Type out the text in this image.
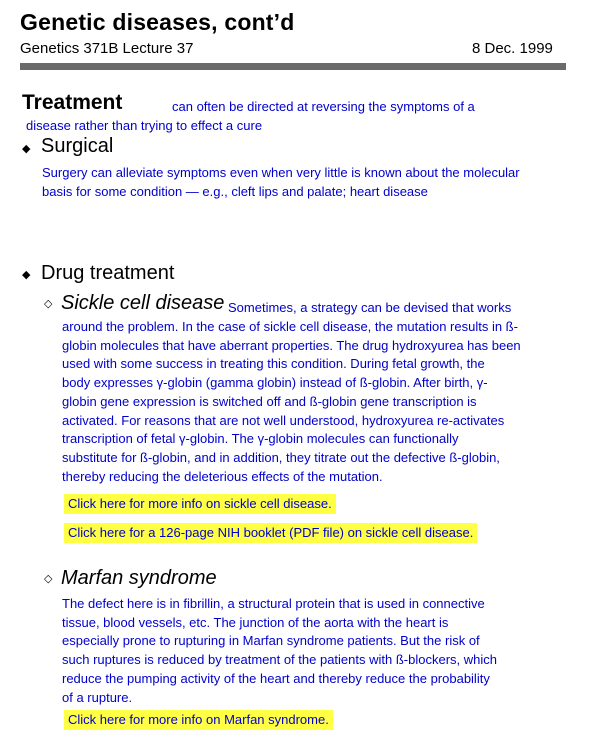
Genetic diseases, cont’d
Genetics 371B Lecture 37	8 Dec. 1999
Treatment	can often be directed at reversing the symptoms of a
disease rather than trying to effect a cure
◆ Surgical
Surgery can alleviate symptoms even when very little is known about the molecular
basis for some condition — e.g., cleft lips and palate; heart disease
◆ Drug treatment
◇ Sickle cell disease Sometimes, a strategy can be devised that works
around the problem. In the case of sickle cell disease, the mutation results in ß-
globin molecules that have aberrant properties. The drug hydroxyurea has been
used with some success in treating this condition. During fetal growth, the
body expresses γ-globin (gamma globin) instead of ß-globin. After birth, γ-
globin gene expression is switched off and ß-globin gene transcription is
activated. For reasons that are not well understood, hydroxyurea re-activates
transcription of fetal γ-globin. The γ-globin molecules can functionally
substitute for ß-globin, and in addition, they titrate out the defective ß-globin,
thereby reducing the deleterious effects of the mutation.
Click here for more info on sickle cell disease.
Click here for a 126-page NIH booklet (PDF file) on sickle cell disease.
◇ Marfan syndrome
The defect here is in fibrillin, a structural protein that is used in connective
tissue, blood vessels, etc. The junction of the aorta with the heart is
especially prone to rupturing in Marfan syndrome patients. But the risk of
such ruptures is reduced by treatment of the patients with ß-blockers, which
reduce the pumping activity of the heart and thereby reduce the probability
of a rupture.
Click here for more info on Marfan syndrome.
